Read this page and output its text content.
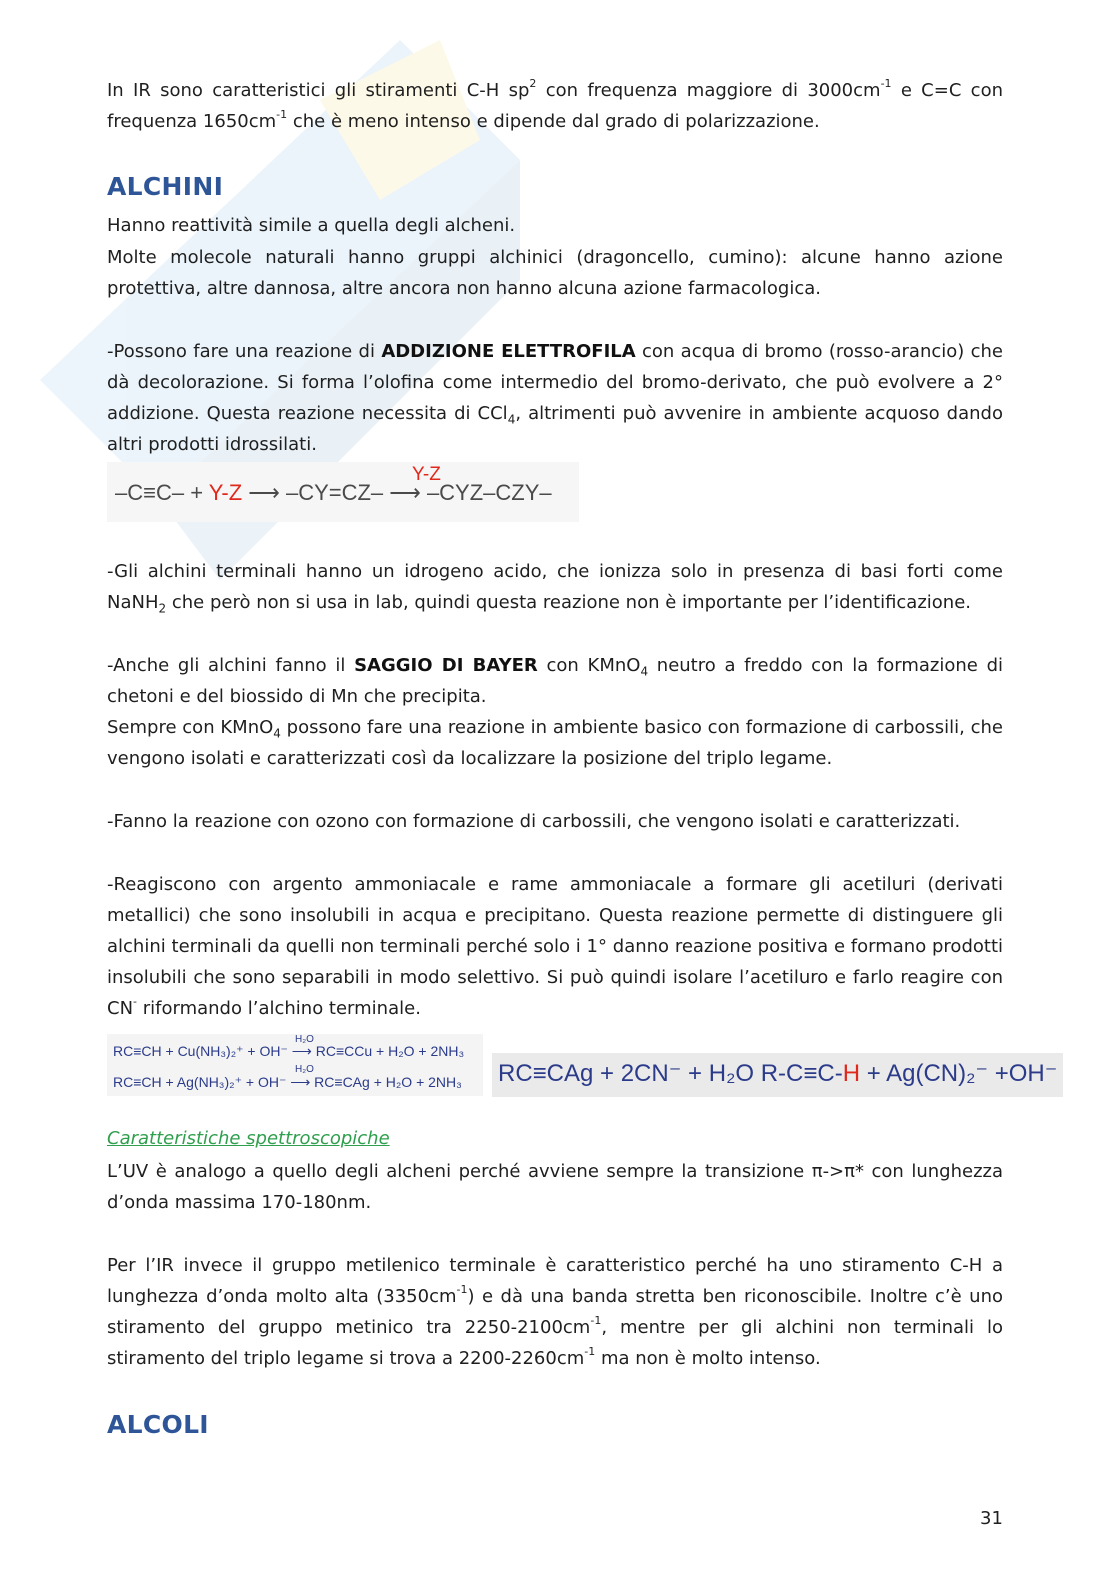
In IR sono caratteristici gli stiramenti C-H $sp^2$ con frequenza maggiore di $3000cm^{-1}$ e C=C con frequenza $1650cm^{-1}$ che è meno intenso e dipende dal grado di polarizzazione.

ALCHINI

Hanno reattività simile a quella degli alcheni.

Molte molecole naturali hanno gruppi alchinici (dragoncello, cumino): alcune hanno azione protettiva, altre dannosa, altre ancora non hanno alcuna azione farmacologica.

-Possono fare una reazione di ADDIZIONE ELETTROFILA con acqua di bromo (rosso-arancio) che dà decolorazione. Si forma l’olofina come intermedio del bromo-derivato, che può evolvere a 2° addizione. Questa reazione necessita di CCl$_4$, altrimenti può avvenire in ambiente acquoso dando altri prodotti idrossilati.

Y-Z
–C≡C– + Y-Z ⟶ –CY=CZ– ⟶ –CYZ–CZY–

-Gli alchini terminali hanno un idrogeno acido, che ionizza solo in presenza di basi forti come NaNH$_2$ che però non si usa in lab, quindi questa reazione non è importante per l’identificazione.

-Anche gli alchini fanno il SAGGIO DI BAYER con KMnO$_4$ neutro a freddo con la formazione di chetoni e del biossido di Mn che precipita.
Sempre con KMnO$_4$ possono fare una reazione in ambiente basico con formazione di carbossili, che vengono isolati e caratterizzati così da localizzare la posizione del triplo legame.

-Fanno la reazione con ozono con formazione di carbossili, che vengono isolati e caratterizzati.

-Reagiscono con argento ammoniacale e rame ammoniacale a formare gli acetiluri (derivati metallici) che sono insolubili in acqua e precipitano. Questa reazione permette di distinguere gli alchini terminali da quelli non terminali perché solo i 1° danno reazione positiva e formano prodotti insolubili che sono separabili in modo selettivo. Si può quindi isolare l’acetiluro e farlo reagire con CN- riformando l’alchino terminale.

H₂O
RC≡CH + Cu(NH₃)₂⁺ + OH⁻ ⟶ RC≡CCu + H₂O + 2NH₃
H₂O
RC≡CH + Ag(NH₃)₂⁺ + OH⁻ ⟶ RC≡CAg + H₂O + 2NH₃ RC≡CAg + 2CN⁻ + H₂O R-C≡C-H + Ag(CN)₂⁻ +OH⁻
Caratteristiche spettroscopiche

L’UV è analogo a quello degli alcheni perché avviene sempre la transizione π->π* con lunghezza d’onda massima 170-180nm.

Per l’IR invece il gruppo metilenico terminale è caratteristico perché ha uno stiramento C-H a lunghezza d’onda molto alta $(3350cm^{-1})$ e dà una banda stretta ben riconoscibile. Inoltre c’è uno stiramento del gruppo metinico tra $2250-2100cm^{-1}$, mentre per gli alchini non terminali lo stiramento del triplo legame si trova a $2200-2260cm^{-1}$ ma non è molto intenso.

ALCOLI
31
